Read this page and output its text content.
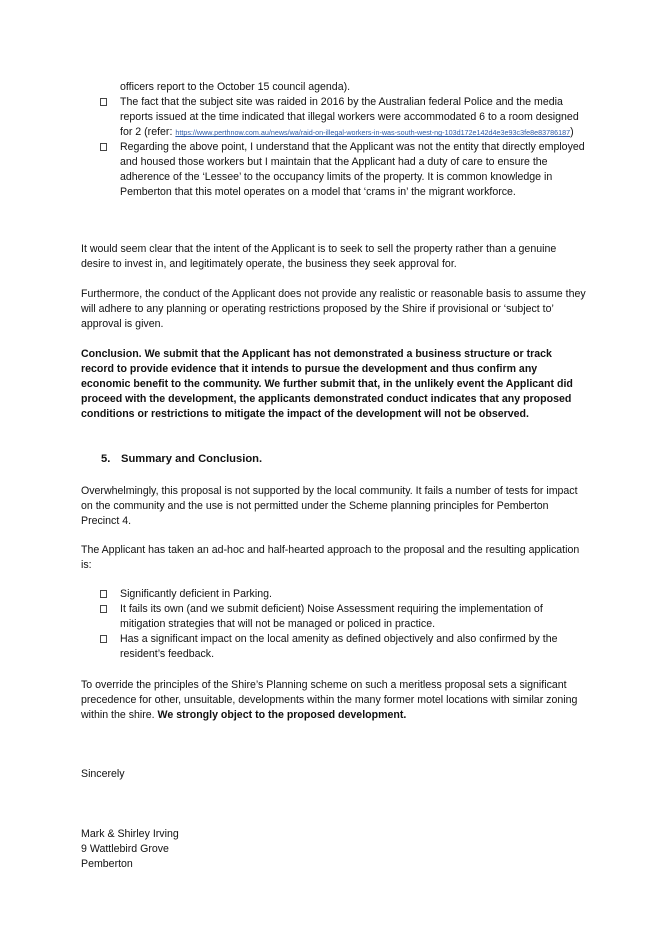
officers report to the October 15 council agenda).
The fact that the subject site was raided in 2016 by the Australian federal Police and the media reports issued at the time indicated that illegal workers were accommodated 6 to a room designed for 2 (refer: https://www.perthnow.com.au/news/wa/raid-on-illegal-workers-in-was-south-west-ng-103d172e142d4e3e93c3fe8e83786187)
Regarding the above point, I understand that the Applicant was not the entity that directly employed and housed those workers but I maintain that the Applicant had a duty of care to ensure the adherence of the ‘Lessee’ to the occupancy limits of the property. It is common knowledge in Pemberton that this motel operates on a model that ‘crams in’ the migrant workforce.
It would seem clear that the intent of the Applicant is to seek to sell the property rather than a genuine desire to invest in, and legitimately operate, the business they seek approval for.
Furthermore, the conduct of the Applicant does not provide any realistic or reasonable basis to assume they will adhere to any planning or operating restrictions proposed by the Shire if provisional or ‘subject to’ approval is given.
Conclusion. We submit that the Applicant has not demonstrated a business structure or track record to provide evidence that it intends to pursue the development and thus confirm any economic benefit to the community. We further submit that, in the unlikely event the Applicant did proceed with the development, the applicants demonstrated conduct indicates that any proposed conditions or restrictions to mitigate the impact of the development will not be observed.
5. Summary and Conclusion.
Overwhelmingly, this proposal is not supported by the local community. It fails a number of tests for impact on the community and the use is not permitted under the Scheme planning principles for Pemberton Precinct 4.
The Applicant has taken an ad-hoc and half-hearted approach to the proposal and the resulting application is:
Significantly deficient in Parking.
It fails its own (and we submit deficient) Noise Assessment requiring the implementation of mitigation strategies that will not be managed or policed in practice.
Has a significant impact on the local amenity as defined objectively and also confirmed by the resident’s feedback.
To override the principles of the Shire’s Planning scheme on such a meritless proposal sets a significant precedence for other, unsuitable, developments within the many former motel locations with similar zoning within the shire. We strongly object to the proposed development.
Sincerely
Mark & Shirley Irving
9 Wattlebird Grove
Pemberton
